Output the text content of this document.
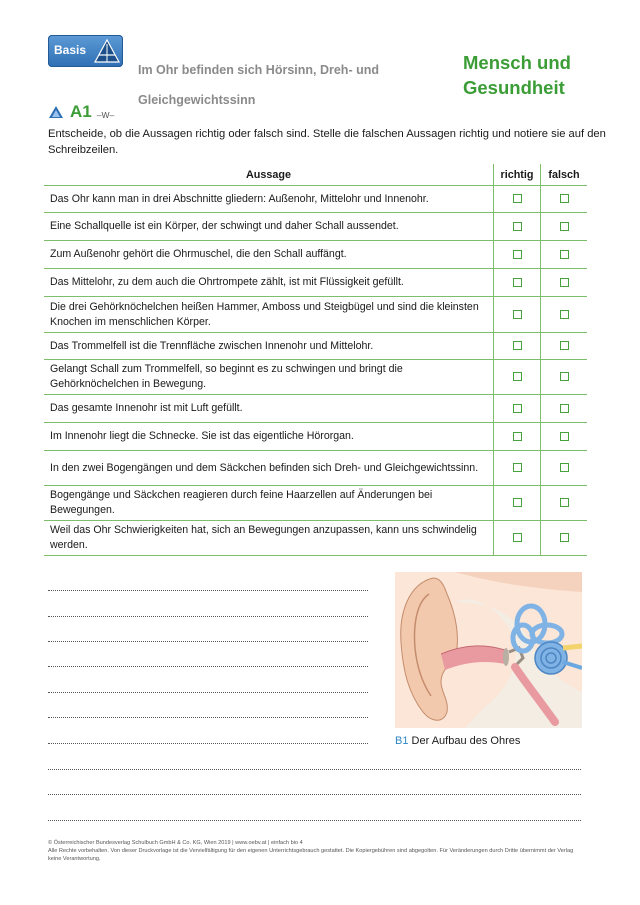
Basis
Im Ohr befinden sich Hörsinn, Dreh- und Gleichgewichtssinn
Mensch und Gesundheit
A1 –W–
Entscheide, ob die Aussagen richtig oder falsch sind. Stelle die falschen Aussagen richtig und notiere sie auf den Schreibzeilen.
Aussage	richtig	falsch
Das Ohr kann man in drei Abschnitte gliedern: Außenohr, Mittelohr und Innenohr.		
Eine Schallquelle ist ein Körper, der schwingt und daher Schall aussendet.		
Zum Außenohr gehört die Ohrmuschel, die den Schall auffängt.		
Das Mittelohr, zu dem auch die Ohrtrompete zählt, ist mit Flüssigkeit gefüllt.		
Die drei Gehörknöchelchen heißen Hammer, Amboss und Steigbügel und sind die kleinsten Knochen im menschlichen Körper.		
Das Trommelfell ist die Trennfläche zwischen Innenohr und Mittelohr.		
Gelangt Schall zum Trommelfell, so beginnt es zu schwingen und bringt die Gehörknöchelchen in Bewegung.		
Das gesamte Innenohr ist mit Luft gefüllt.		
Im Innenohr liegt die Schnecke. Sie ist das eigentliche Hörorgan.		
In den zwei Bogengängen und dem Säckchen befinden sich Dreh- und Gleichgewichtssinn.		
Bogengänge und Säckchen reagieren durch feine Haarzellen auf Änderungen bei Bewegungen.		
Weil das Ohr Schwierigkeiten hat, sich an Bewegungen anzupassen, kann uns schwindelig werden.		
B1 Der Aufbau des Ohres
© Österreichischer Bundesverlag Schulbuch GmbH & Co. KG, Wien 2019 | www.oebv.at | einfach bio 4
Alle Rechte vorbehalten. Von dieser Druckvorlage ist die Vervielfältigung für den eigenen Unterrichtsgebrauch gestattet. Die Kopiergebühren sind abgegolten. Für Veränderungen durch Dritte übernimmt der Verlag keine Verantwortung.
